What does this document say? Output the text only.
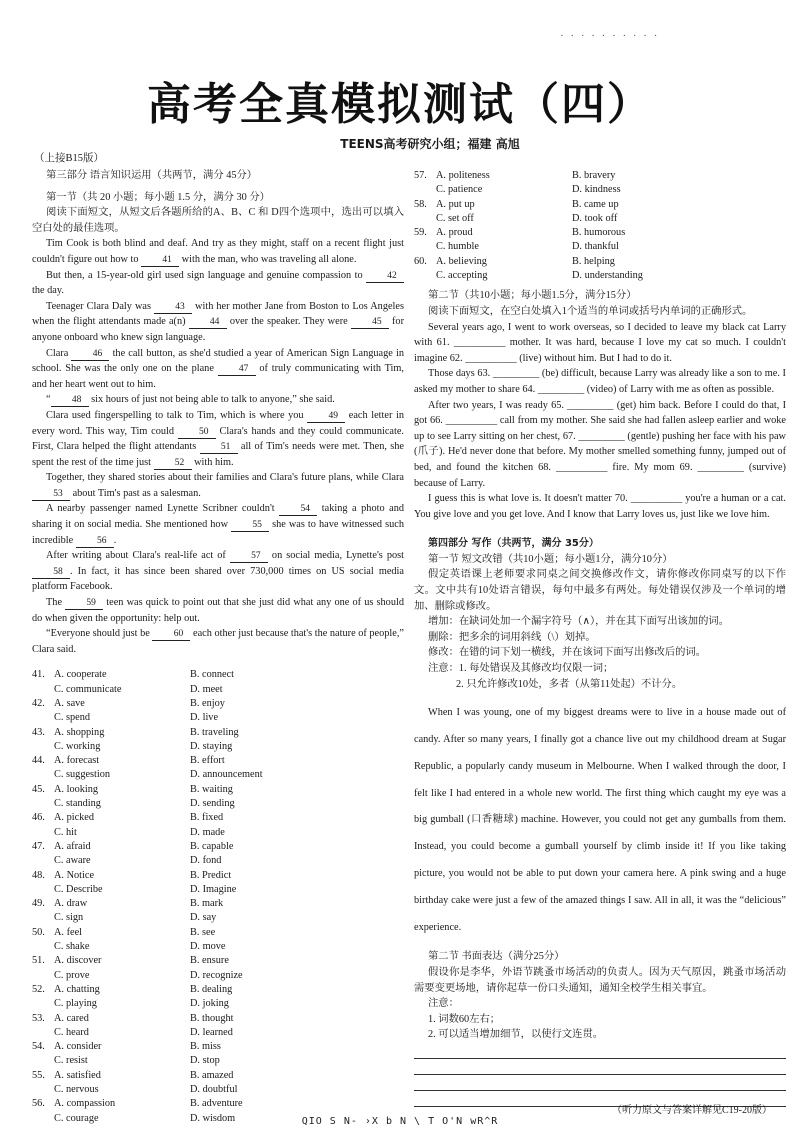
· · · · · · · · · ·
高考全真模拟测试（四）
TEENS高考研究小组；福建 高旭
（上接B15版）

第三部分 语言知识运用（共两节，满分 45分）

第一节（共 20 小题；每小题 1.5 分，满分 30 分）

阅读下面短文，从短文后各题所给的A、B、C 和 D四个选项中，选出可以填入空白处的最佳选项。

Tim Cook is both blind and deaf. And try as they might, staff on a recent flight just couldn't figure out how to 41 with the man, who was traveling all alone.

But then, a 15-year-old girl used sign language and genuine compassion to 42 the day.

Teenager Clara Daly was 43 with her mother Jane from Boston to Los Angeles when the flight attendants made a(n) 44 over the speaker. They were 45 for anyone onboard who knew sign language.

Clara 46 the call button, as she'd studied a year of American Sign Language in school. She was the only one on the plane 47 of truly communicating with Tim, and her heart went out to him.

“ 48 six hours of just not being able to talk to anyone,” she said.

Clara used fingerspelling to talk to Tim, which is where you 49 each letter in every word. This way, Tim could 50 Clara's hands and they could communicate. First, Clara helped the flight attendants 51 all of Tim's needs were met. Then, she spent the rest of the time just 52 with him.

Together, they shared stories about their families and Clara's future plans, while Clara 53 about Tim's past as a salesman.

A nearby passenger named Lynette Scribner couldn't 54 taking a photo and sharing it on social media. She mentioned how 55 she was to have witnessed such incredible 56 .

After writing about Clara's real-life act of 57 on social media, Lynette's post 58 . In fact, it has since been shared over 730,000 times on US social media platform Facebook.

The 59 teen was quick to point out that she just did what any one of us should do when given the opportunity: help out.

“Everyone should just be 60 each other just because that's the nature of people,” Clara said.

41. A. cooperate	B. connect
C. communicate	D. meet
42. A. save	B. enjoy
C. spend	D. live
43. A. shopping	B. traveling
C. working	D. staying
44. A. forecast	B. effort
C. suggestion	D. announcement
45. A. looking	B. waiting
C. standing	D. sending
46. A. picked	B. fixed
C. hit	D. made
47. A. afraid	B. capable
C. aware	D. fond
48. A. Notice	B. Predict
C. Describe	D. Imagine
49. A. draw	B. mark
C. sign	D. say
50. A. feel	B. see
C. shake	D. move
51. A. discover	B. ensure
C. prove	D. recognize
52. A. chatting	B. dealing
C. playing	D. joking
53. A. cared	B. thought
C. heard	D. learned
54. A. consider	B. miss
C. resist	D. stop
55. A. satisfied	B. amazed
C. nervous	D. doubtful
56. A. compassion	B. adventure
C. courage	D. wisdom
57. A. politeness	B. bravery
C. patience	D. kindness
58. A. put up	B. came up
C. set off	D. took off
59. A. proud	B. humorous
C. humble	D. thankful
60. A. believing	B. helping
C. accepting	D. understanding

第二节（共10小题；每小题1.5分，满分15分）

阅读下面短文，在空白处填入1个适当的单词或括号内单词的正确形式。

Several years ago, I went to work overseas, so I decided to leave my black cat Larry with 61. __________ mother. It was hard, because I love my cat so much. I couldn't imagine 62. __________ (live) without him. But I had to do it.

Those days 63. _________ (be) difficult, because Larry was already like a son to me. I asked my mother to share 64. _________ (video) of Larry with me as often as possible.

After two years, I was ready 65. _________ (get) him back. Before I could do that, I got 66. __________ call from my mother. She said she had fallen asleep earlier and woke up to see Larry sitting on her chest, 67. _________ (gentle) pushing her face with his paw (爪子). He'd never done that before. My mother smelled something funny, jumped out of bed, and found the kitchen 68. __________ fire. My mom 69. _________ (survive) because of Larry.

I guess this is what love is. It doesn't matter 70. __________ you're a human or a cat. You give love and you get love. And I know that Larry loves us, just like we love him.

第四部分 写作（共两节，满分 35分）

第一节 短文改错（共10小题；每小题1分，满分10分）

假定英语课上老师要求同桌之间交换修改作文，请你修改你同桌写的以下作文。文中共有10处语言错误，每句中最多有两处。每处错误仅涉及一个单词的增加、删除或修改。

增加：在缺词处加一个漏字符号（∧），并在其下面写出该加的词。

删除：把多余的词用斜线（\）划掉。

修改：在错的词下划一横线，并在该词下面写出修改后的词。

注意：1. 每处错误及其修改均仅限一词；

2. 只允许修改10处，多者（从第11处起）不计分。

When I was young, one of my biggest dreams were to live in a house made out of candy. After so many years, I finally got a chance live out my childhood dream at Sugar Republic, a popularly candy museum in Melbourne. When I walked through the door, I felt like I had entered in a whole new world. The first thing which caught my eye was a big gumball (口香糖球) machine. However, you could not get any gumballs from them. Instead, you could become a gumball yourself by climb inside it! If you like taking picture, you would not be able to put down your camera here. A pink swing and a huge birthday cake were just a few of the amazed things I saw. All in all, it was the “delicious” experience.

第二节 书面表达（满分25分）

假设你是李华，外语节跳蚤市场活动的负责人。因为天气原因，跳蚤市场活动需要变更场地，请你起草一份口头通知，通知全校学生相关事宜。

注意：

1. 词数60左右；

2. 可以适当增加细节，以使行文连贯。

（听力原文与答案详解见C19-20版）
QIO S N- ›X b N \ T O'N wR^R
